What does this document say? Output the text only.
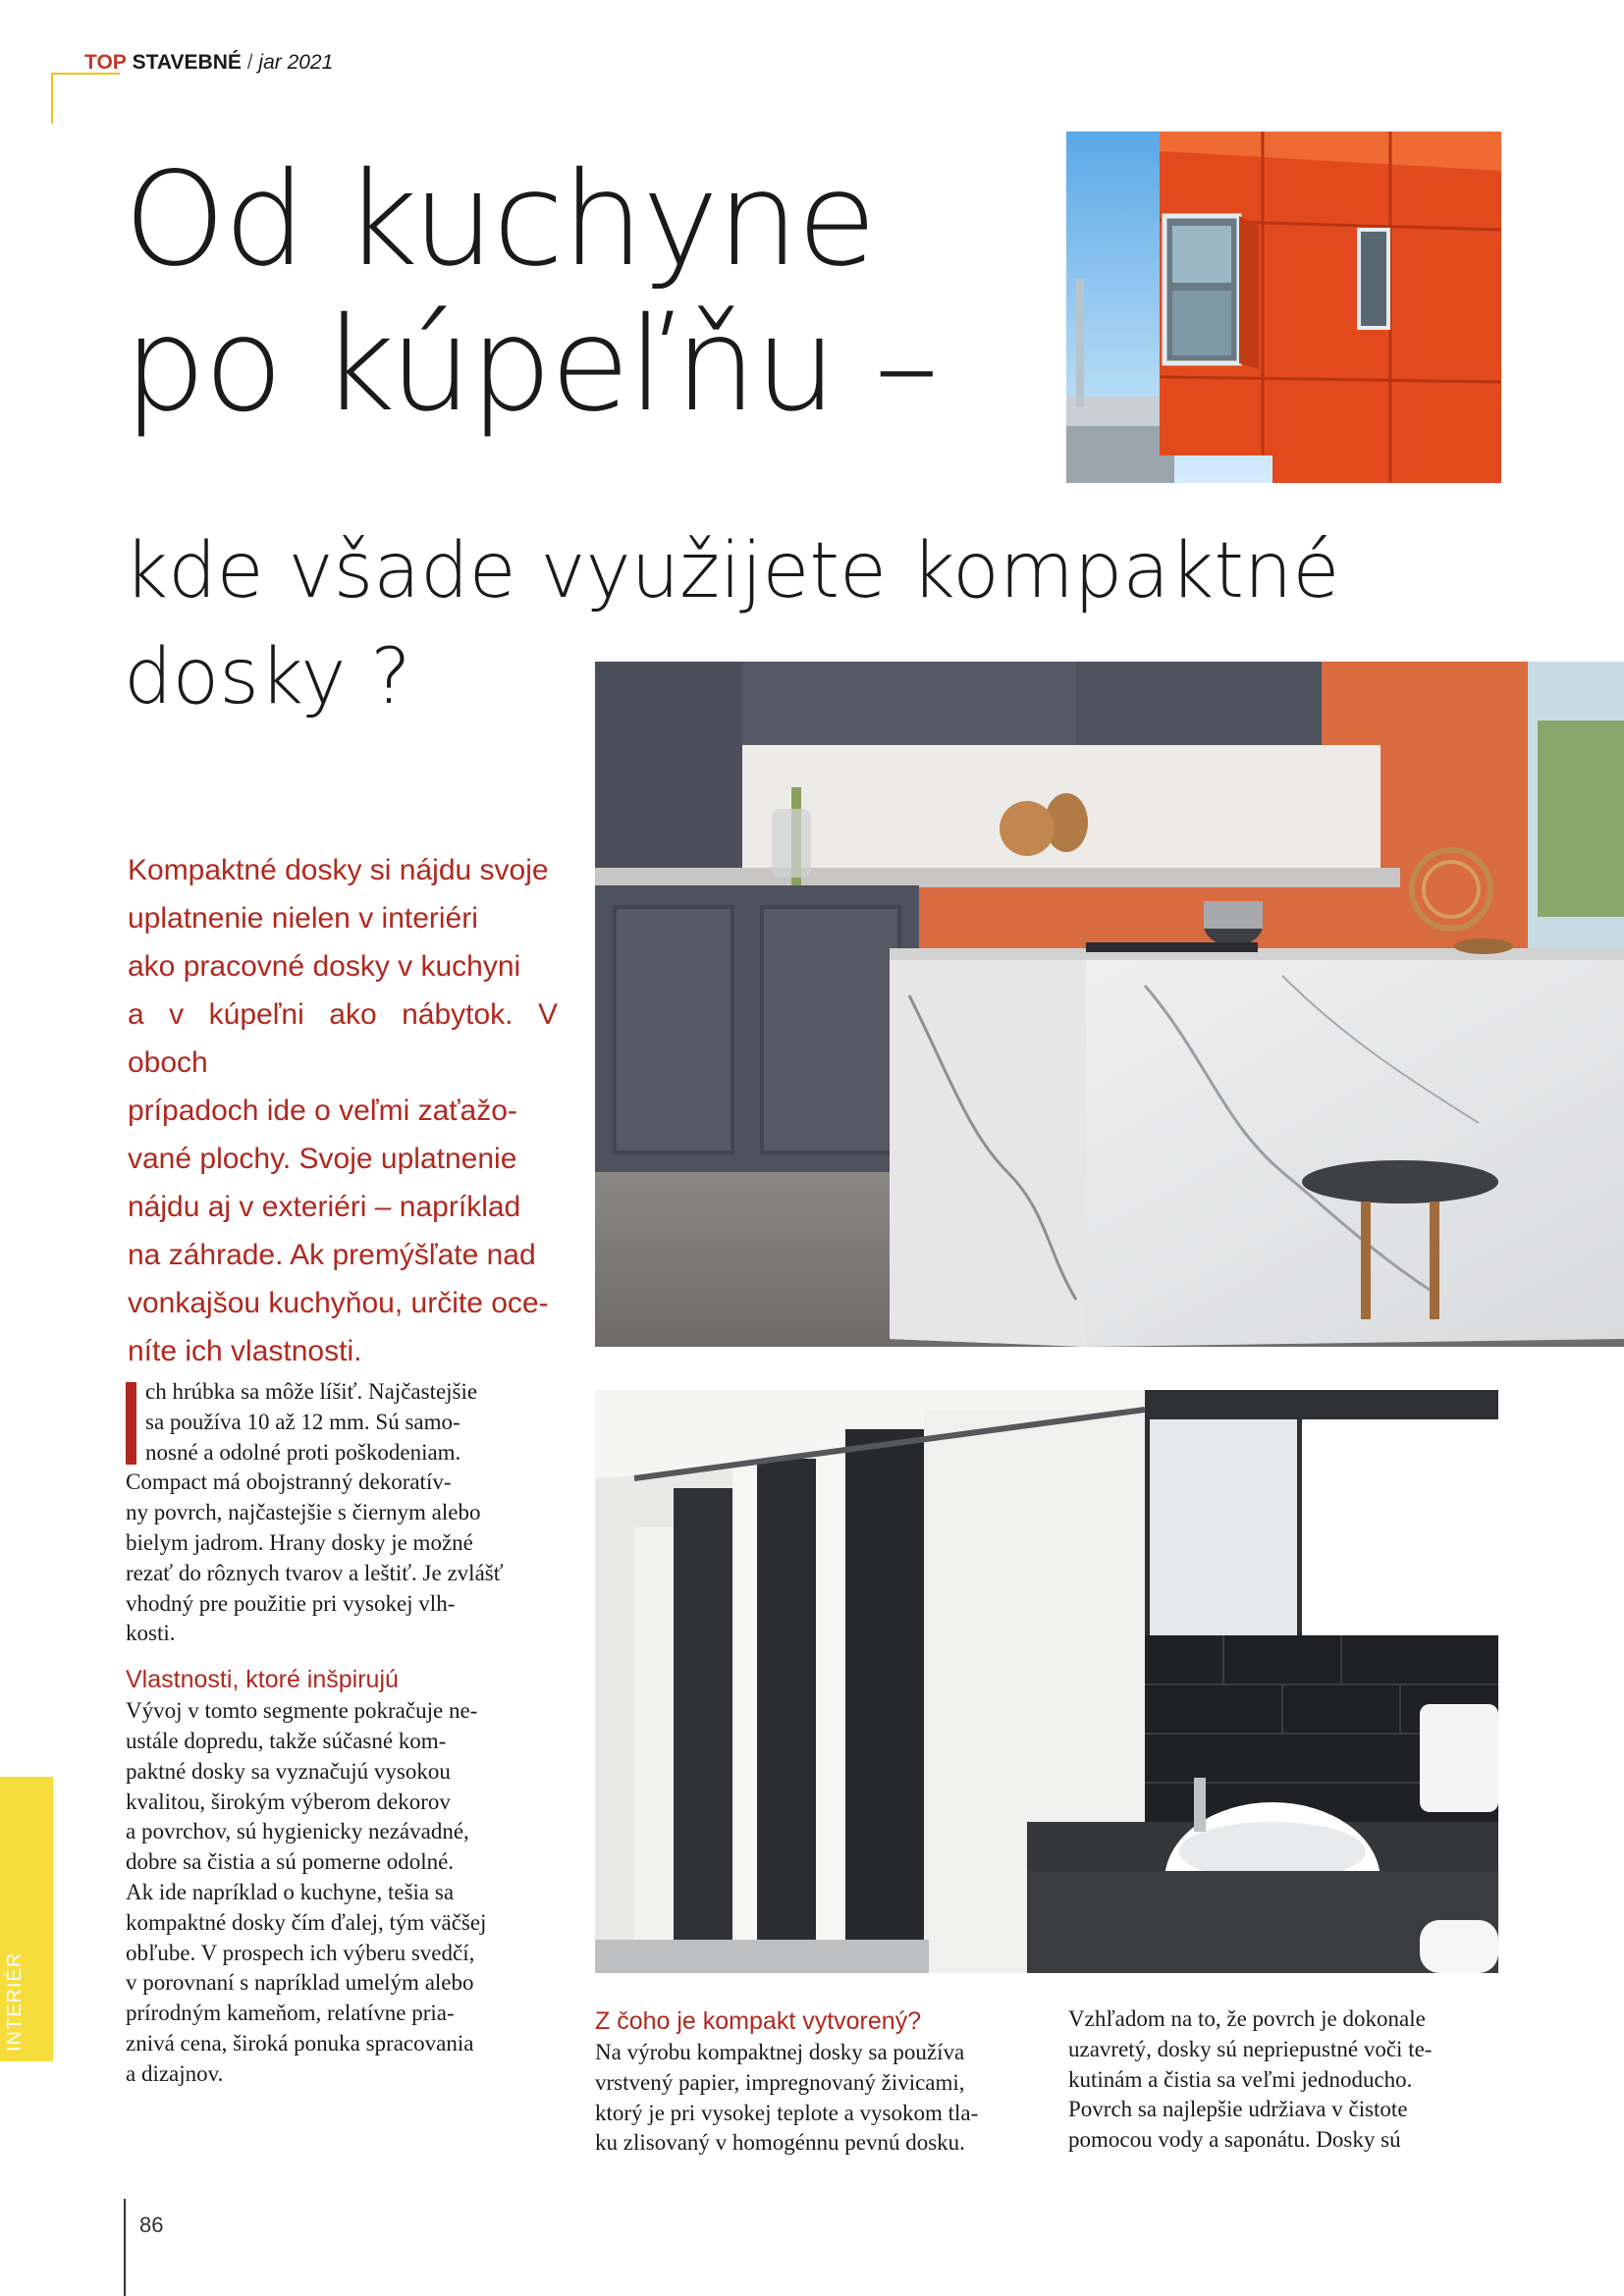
TOP STAVEBNÉ / jar 2021
Od kuchyne
po kúpeľňu –
kde všade využijete kompaktné
dosky ?
Kompaktné dosky si nájdu svoje
uplatnenie nielen v interiéri
ako pracovné dosky v kuchyni
a v kúpeľni ako nábytok. V oboch
prípadoch ide o veľmi zaťažo-
vané plochy. Svoje uplatnenie
nájdu aj v exteriéri – napríklad
na záhrade. Ak premýšľate nad
vonkajšou kuchyňou, určite oce-
níte ich vlastnosti.
ch hrúbka sa môže líšiť. Najčastejšie
sa používa 10 až 12 mm. Sú samo-
nosné a odolné proti poškodeniam.
Compact má obojstranný dekoratív-
ny povrch, najčastejšie s čiernym alebo
bielym jadrom. Hrany dosky je možné
rezať do rôznych tvarov a leštiť. Je zvlášť
vhodný pre použitie pri vysokej vlh-
kosti.
Vlastnosti, ktoré inšpirujú
Vývoj v tomto segmente pokračuje ne-
ustále dopredu, takže súčasné kom-
paktné dosky sa vyznačujú vysokou
kvalitou, širokým výberom dekorov
a povrchov, sú hygienicky nezávadné,
dobre sa čistia a sú pomerne odolné.
Ak ide napríklad o kuchyne, tešia sa
kompaktné dosky čím ďalej, tým väčšej
obľube. V prospech ich výberu svedčí,
v porovnaní s napríklad umelým alebo
prírodným kameňom, relatívne pria-
znivá cena, široká ponuka spracovania
a dizajnov.
Z čoho je kompakt vytvorený?
Na výrobu kompaktnej dosky sa používa
vrstvený papier, impregnovaný živicami,
ktorý je pri vysokej teplote a vysokom tla-
ku zlisovaný v homogénnu pevnú dosku.
Vzhľadom na to, že povrch je dokonale
uzavretý, dosky sú nepriepustné voči te-
kutinám a čistia sa veľmi jednoducho.
Povrch sa najlepšie udržiava v čistote
pomocou vody a saponátu. Dosky sú
INTERIÉR
86
